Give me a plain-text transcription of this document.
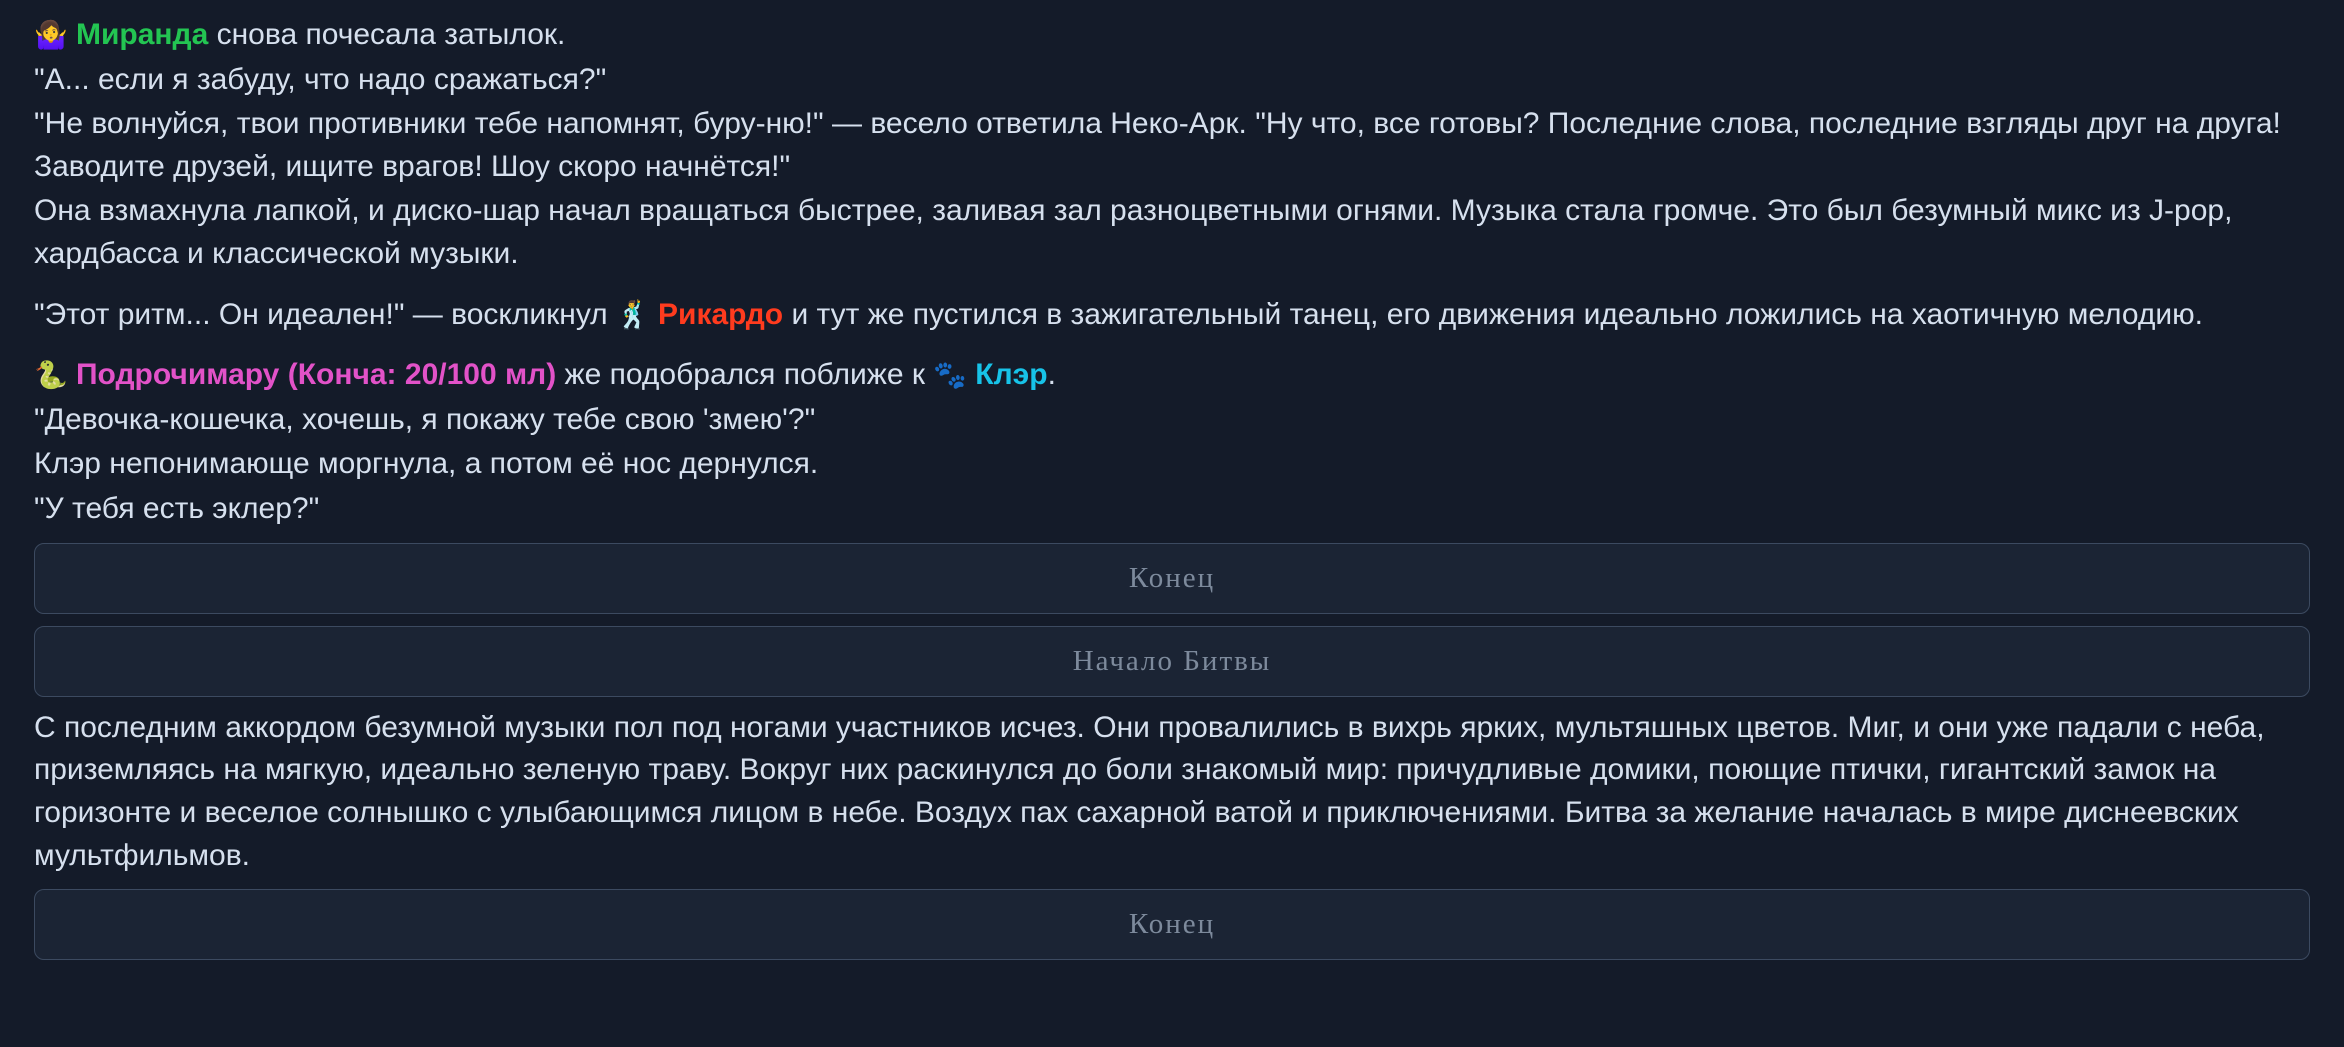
🤷‍♀️ Миранда снова почесала затылок.

"А... если я забуду, что надо сражаться?"

"Не волнуйся, твои противники тебе напомнят, буру-ню!" — весело ответила Неко-Арк. "Ну что, все готовы? Последние слова, последние взгляды друг на друга! Заводите друзей, ищите врагов! Шоу скоро начнётся!"

Она взмахнула лапкой, и диско-шар начал вращаться быстрее, заливая зал разноцветными огнями. Музыка стала громче. Это был безумный микс из J-pop, хардбасса и классической музыки.

"Этот ритм... Он идеален!" — воскликнул 🕺 Рикардо и тут же пустился в зажигательный танец, его движения идеально ложились на хаотичную мелодию.

🐍 Подрочимару (Конча: 20/100 мл) же подобрался поближе к 🐾 Клэр.

"Девочка-кошечка, хочешь, я покажу тебе свою 'змею'?"

Клэр непонимающе моргнула, а потом её нос дернулся.

"У тебя есть эклер?"

Конец
Начало Битвы

С последним аккордом безумной музыки пол под ногами участников исчез. Они провалились в вихрь ярких, мультяшных цветов. Миг, и они уже падали с неба, приземляясь на мягкую, идеально зеленую траву. Вокруг них раскинулся до боли знакомый мир: причудливые домики, поющие птички, гигантский замок на горизонте и веселое солнышко с улыбающимся лицом в небе. Воздух пах сахарной ватой и приключениями. Битва за желание началась в мире диснеевских мультфильмов.

Конец
